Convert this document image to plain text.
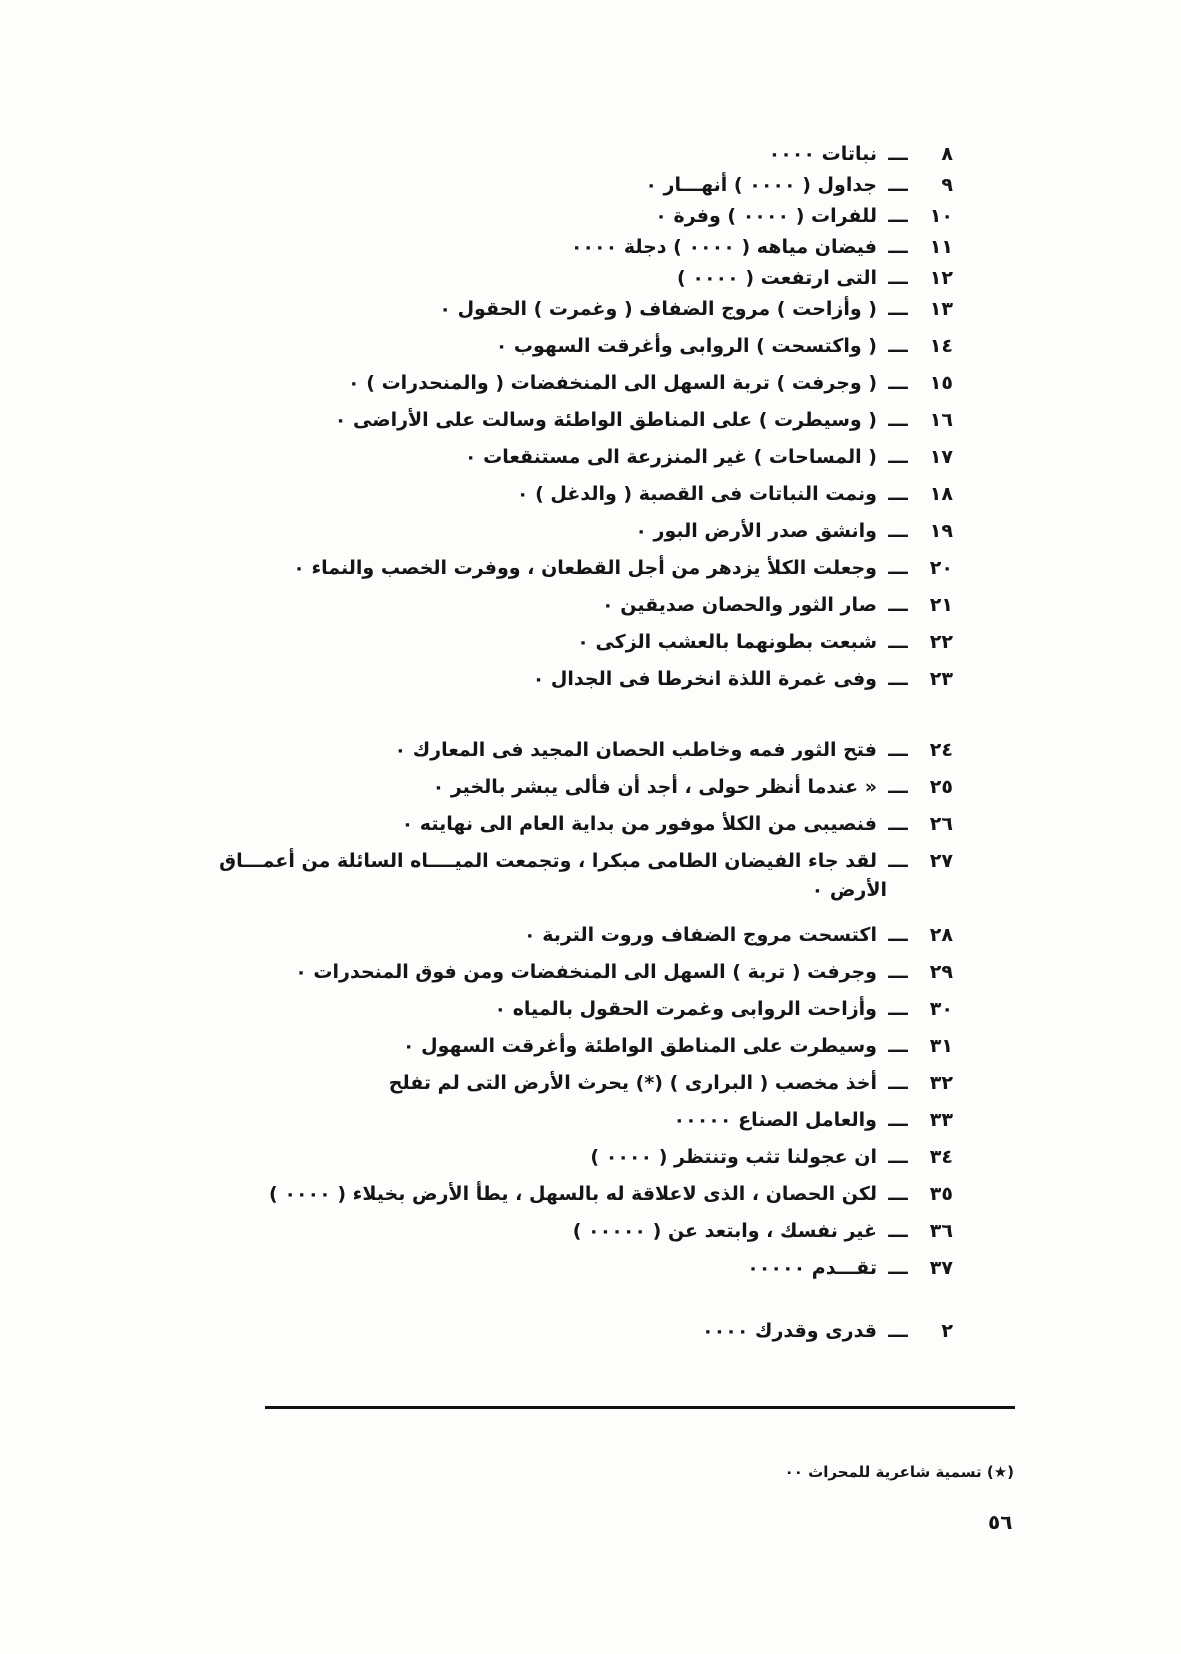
٨
ـــ
نباتات ٠٠٠٠
٩
ـــ
جداول ( ٠٠٠٠ ) أنهـــار ٠
١٠
ـــ
للفرات ( ٠٠٠٠ ) وفرة ٠
١١
ـــ
فيضان مياهه ( ٠٠٠٠ ) دجلة ٠٠٠٠
١٢
ـــ
التى ارتفعت ( ٠٠٠٠ )
١٣
ـــ
( وأزاحت ) مروج الضفاف ( وغمرت ) الحقول ٠
١٤
ـــ
( واكتسحت ) الروابى وأغرقت السهوب ٠
١٥
ـــ
( وجرفت ) تربة السهل الى المنخفضات ( والمنحدرات ) ٠
١٦
ـــ
( وسيطرت ) على المناطق الواطئة وسالت على الأراضى ٠
١٧
ـــ
( المساحات ) غير المنزرعة الى مستنقعات ٠
١٨
ـــ
ونمت النباتات فى القصبة ( والدغل ) ٠
١٩
ـــ
وانشق صدر الأرض البور ٠
٢٠
ـــ
وجعلت الكلأ يزدهر من أجل القطعان ، ووفرت الخصب والنماء ٠
٢١
ـــ
صار الثور والحصان صديقين ٠
٢٢
ـــ
شبعت بطونهما بالعشب الزكى ٠
٢٣
ـــ
وفى غمرة اللذة انخرطا فى الجدال ٠
٢٤
ـــ
فتح الثور فمه وخاطب الحصان المجيد فى المعارك ٠
٢٥
ـــ
« عندما أنظر حولى ، أجد أن فألى يبشر بالخير ٠
٢٦
ـــ
فنصيبى من الكلأ موفور من بداية العام الى نهايته ٠
٢٧
ـــ
لقد جاء الفيضان الطامى مبكرا ، وتجمعت الميــــاه السائلة من أعمـــاق
الأرض ٠
٢٨
ـــ
اكتسحت مروج الضفاف وروت التربة ٠
٢٩
ـــ
وجرفت ( تربة ) السهل الى المنخفضات ومن فوق المنحدرات ٠
٣٠
ـــ
وأزاحت الروابى وغمرت الحقول بالمياه ٠
٣١
ـــ
وسيطرت على المناطق الواطئة وأغرقت السهول ٠
٣٢
ـــ
أخذ مخصب ( البرارى ) (*) يحرث الأرض التى لم تفلح
٣٣
ـــ
والعامل الصناع ٠٠٠٠٠
٣٤
ـــ
ان عجولنا تثب وتنتظر ( ٠٠٠٠ )
٣٥
ـــ
لكن الحصان ، الذى لاعلاقة له بالسهل ، يطأ الأرض بخيلاء ( ٠٠٠٠ )
٣٦
ـــ
غير نفسك ، وابتعد عن ( ٠٠٠٠٠ )
٣٧
ـــ
تقـــدم ٠٠٠٠٠
٢
ـــ
قدرى وقدرك ٠٠٠٠
(★) تسمية شاعرية للمحراث ٠٠
٥٦
